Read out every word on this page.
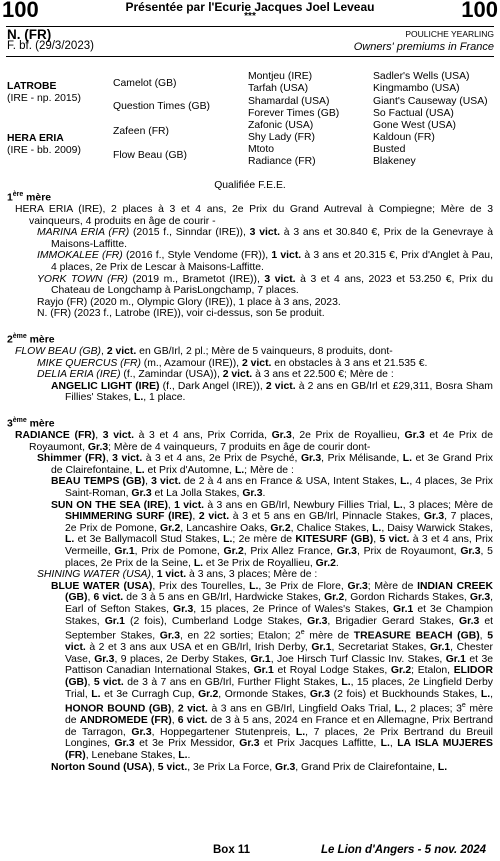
100	100
Présentée par l'Ecurie Jacques Joel Leveau
***
N. (FR)
F. bf. (29/3/2023)
POULICHE YEARLING
Owners' premiums in France
LATROBE
(IRE - np. 2015)
HERA ERIA
(IRE - bb. 2009)
Camelot (GB)
Question Times (GB)
Zafeen (FR)
Flow Beau (GB)
Montjeu (IRE)
Tarfah (USA)
Shamardal (USA)
Forever Times (GB)
Zafonic (USA)
Shy Lady (FR)
Mtoto
Radiance (FR)
Sadler's Wells (USA)
Kingmambo (USA)
Giant's Causeway (USA)
So Factual (USA)
Gone West (USA)
Kaldoun (FR)
Busted
Blakeney
Qualifiée F.E.E.

1ère mère

HERA ERIA (IRE), 2 places à 3 et 4 ans, 2e Prix du Grand Autreval à Compiegne; Mère de 3 vainqueurs, 4 produits en âge de courir -

MARINA ERIA (FR) (2015 f., Sinndar (IRE)), 3 vict. à 3 ans et 30.840 €, Prix de la Genevraye à Maisons-Laffitte.

IMMOKALEE (FR) (2016 f., Style Vendome (FR)), 1 vict. à 3 ans et 20.315 €, Prix d'Anglet à Pau, 4 places, 2e Prix de Lescar à Maisons-Laffitte.

YORK TOWN (FR) (2019 m., Brametot (IRE)), 3 vict. à 3 et 4 ans, 2023 et 53.250 €, Prix du Chateau de Longchamp à ParisLongchamp, 7 places.

Rayjo (FR) (2020 m., Olympic Glory (IRE)), 1 place à 3 ans, 2023.

N. (FR) (2023 f., Latrobe (IRE)), voir ci-dessus, son 5e produit.

2ème mère

FLOW BEAU (GB), 2 vict. en GB/Irl, 2 pl.; Mère de 5 vainqueurs, 8 produits, dont-

MIKE QUERCUS (FR) (m., Azamour (IRE)), 2 vict. en obstacles à 3 ans et 21.535 €.

DELIA ERIA (IRE) (f., Zamindar (USA)), 2 vict. à 3 ans et 22.500 €; Mère de :

ANGELIC LIGHT (IRE) (f., Dark Angel (IRE)), 2 vict. à 2 ans en GB/Irl et £29,311, Bosra Sham Fillies' Stakes, L., 1 place.

3ème mère

RADIANCE (FR), 3 vict. à 3 et 4 ans, Prix Corrida, Gr.3, 2e Prix de Royallieu, Gr.3 et 4e Prix de Royaumont, Gr.3; Mère de 4 vainqueurs, 7 produits en âge de courir dont-

Shimmer (FR), 3 vict. à 3 et 4 ans, 2e Prix de Psyché, Gr.3, Prix Mélisande, L. et 3e Grand Prix de Clairefontaine, L. et Prix d'Automne, L.; Mère de :

BEAU TEMPS (GB), 3 vict. de 2 à 4 ans en France & USA, Intent Stakes, L., 4 places, 3e Prix Saint-Roman, Gr.3 et La Jolla Stakes, Gr.3.

SUN ON THE SEA (IRE), 1 vict. à 3 ans en GB/Irl, Newbury Fillies Trial, L., 3 places; Mère de SHIMMERING SURF (IRE), 2 vict. à 3 et 5 ans en GB/Irl, Pinnacle Stakes, Gr.3, 7 places, 2e Prix de Pomone, Gr.2, Lancashire Oaks, Gr.2, Chalice Stakes, L., Daisy Warwick Stakes, L. et 3e Ballymacoll Stud Stakes, L.; 2e mère de KITESURF (GB), 5 vict. à 3 et 4 ans, Prix Vermeille, Gr.1, Prix de Pomone, Gr.2, Prix Allez France, Gr.3, Prix de Royaumont, Gr.3, 5 places, 2e Prix de la Seine, L. et 3e Prix de Royallieu, Gr.2.

SHINING WATER (USA), 1 vict. à 3 ans, 3 places; Mère de :

BLUE WATER (USA), Prix des Tourelles, L., 3e Prix de Flore, Gr.3; Mère de INDIAN CREEK (GB), 6 vict. de 3 à 5 ans en GB/Irl, Hardwicke Stakes, Gr.2, Gordon Richards Stakes, Gr.3, Earl of Sefton Stakes, Gr.3, 15 places, 2e Prince of Wales's Stakes, Gr.1 et 3e Champion Stakes, Gr.1 (2 fois), Cumberland Lodge Stakes, Gr.3, Brigadier Gerard Stakes, Gr.3 et September Stakes, Gr.3, en 22 sorties; Etalon; 2e mère de TREASURE BEACH (GB), 5 vict. à 2 et 3 ans aux USA et en GB/Irl, Irish Derby, Gr.1, Secretariat Stakes, Gr.1, Chester Vase, Gr.3, 9 places, 2e Derby Stakes, Gr.1, Joe Hirsch Turf Classic Inv. Stakes, Gr.1 et 3e Pattison Canadian International Stakes, Gr.1 et Royal Lodge Stakes, Gr.2; Etalon, ELIDOR (GB), 5 vict. de 3 à 7 ans en GB/Irl, Further Flight Stakes, L., 15 places, 2e Lingfield Derby Trial, L. et 3e Curragh Cup, Gr.2, Ormonde Stakes, Gr.3 (2 fois) et Buckhounds Stakes, L., HONOR BOUND (GB), 2 vict. à 3 ans en GB/Irl, Lingfield Oaks Trial, L., 2 places; 3e mère de ANDROMEDE (FR), 6 vict. de 3 à 5 ans, 2024 en France et en Allemagne, Prix Bertrand de Tarragon, Gr.3, Hoppegartener Stutenpreis, L., 7 places, 2e Prix Bertrand du Breuil Longines, Gr.3 et 3e Prix Messidor, Gr.3 et Prix Jacques Laffitte, L., LA ISLA MUJERES (FR), Lenebane Stakes, L..

Norton Sound (USA), 5 vict., 3e Prix La Force, Gr.3, Grand Prix de Clairefontaine, L.

Box 11	Le Lion d'Angers - 5 nov. 2024
